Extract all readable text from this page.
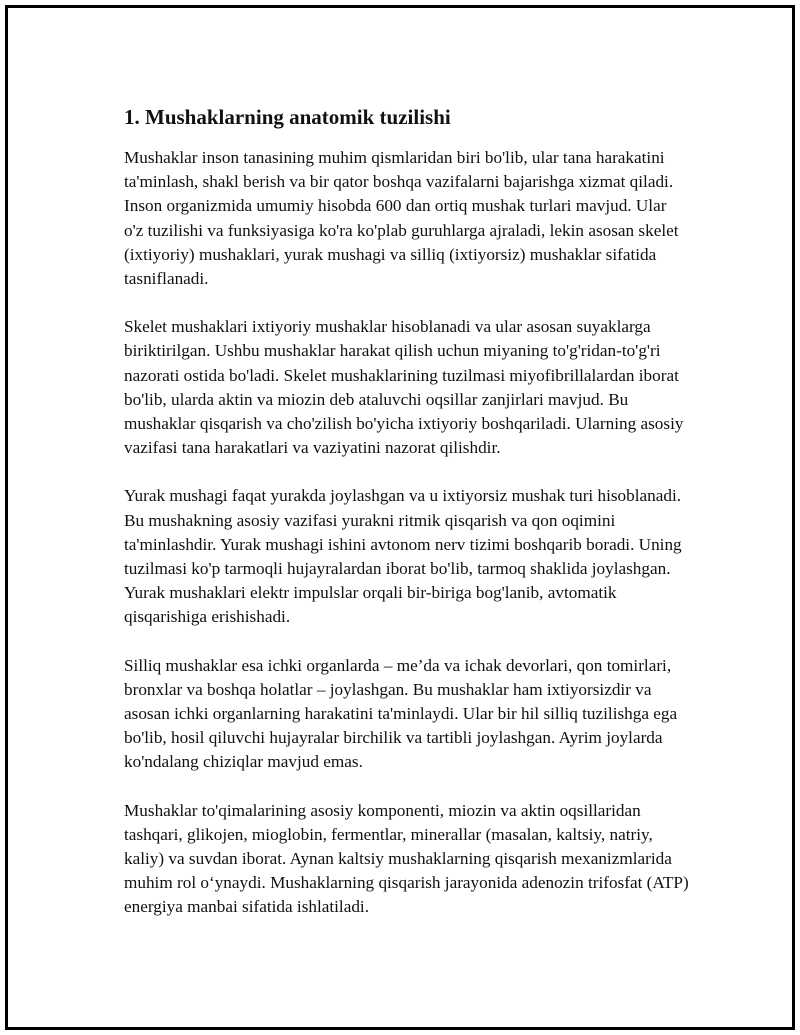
1. Mushaklarning anatomik tuzilishi

Mushaklar inson tanasining muhim qismlaridan biri bo'lib, ular tana harakatini ta'minlash, shakl berish va bir qator boshqa vazifalarni bajarishga xizmat qiladi. Inson organizmida umumiy hisobda 600 dan ortiq mushak turlari mavjud. Ular o'z tuzilishi va funksiyasiga ko'ra ko'plab guruhlarga ajraladi, lekin asosan skelet (ixtiyoriy) mushaklari, yurak mushagi va silliq (ixtiyorsiz) mushaklar sifatida tasniflanadi.

Skelet mushaklari ixtiyoriy mushaklar hisoblanadi va ular asosan suyaklarga biriktirilgan. Ushbu mushaklar harakat qilish uchun miyaning to'g'ridan-to'g'ri nazorati ostida bo'ladi. Skelet mushaklarining tuzilmasi miyofibrillalardan iborat bo'lib, ularda aktin va miozin deb ataluvchi oqsillar zanjirlari mavjud. Bu mushaklar qisqarish va cho'zilish bo'yicha ixtiyoriy boshqariladi. Ularning asosiy vazifasi tana harakatlari va vaziyatini nazorat qilishdir.

Yurak mushagi faqat yurakda joylashgan va u ixtiyorsiz mushak turi hisoblanadi. Bu mushakning asosiy vazifasi yurakni ritmik qisqarish va qon oqimini ta'minlashdir. Yurak mushagi ishini avtonom nerv tizimi boshqarib boradi. Uning tuzilmasi ko'p tarmoqli hujayralardan iborat bo'lib, tarmoq shaklida joylashgan. Yurak mushaklari elektr impulslar orqali bir-biriga bog'lanib, avtomatik qisqarishiga erishishadi.

Silliq mushaklar esa ichki organlarda – me’da va ichak devorlari, qon tomirlari, bronxlar va boshqa holatlar – joylashgan. Bu mushaklar ham ixtiyorsizdir va asosan ichki organlarning harakatini ta'minlaydi. Ular bir hil silliq tuzilishga ega bo'lib, hosil qiluvchi hujayralar birchilik va tartibli joylashgan. Ayrim joylarda ko'ndalang chiziqlar mavjud emas.

Mushaklar to'qimalarining asosiy komponenti, miozin va aktin oqsillaridan tashqari, glikojen, mioglobin, fermentlar, minerallar (masalan, kaltsiy, natriy, kaliy) va suvdan iborat. Aynan kaltsiy mushaklarning qisqarish mexanizmlarida muhim rol o‘ynaydi. Mushaklarning qisqarish jarayonida adenozin trifosfat (ATP) energiya manbai sifatida ishlatiladi.
